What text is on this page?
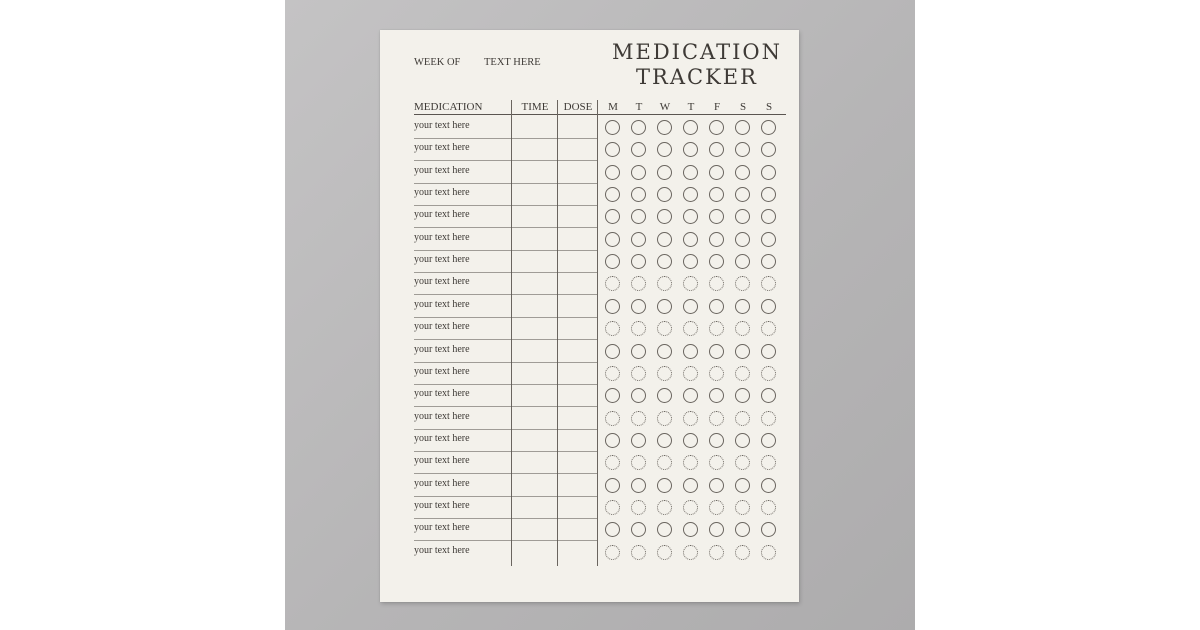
MEDICATION
TRACKER
WEEK OF TEXT HERE
MEDICATION	TIME	DOSE	M	T	W	T	F	S	S
your text here
your text here
your text here
your text here
your text here
your text here
your text here
your text here
your text here
your text here
your text here
your text here
your text here
your text here
your text here
your text here
your text here
your text here
your text here
your text here
